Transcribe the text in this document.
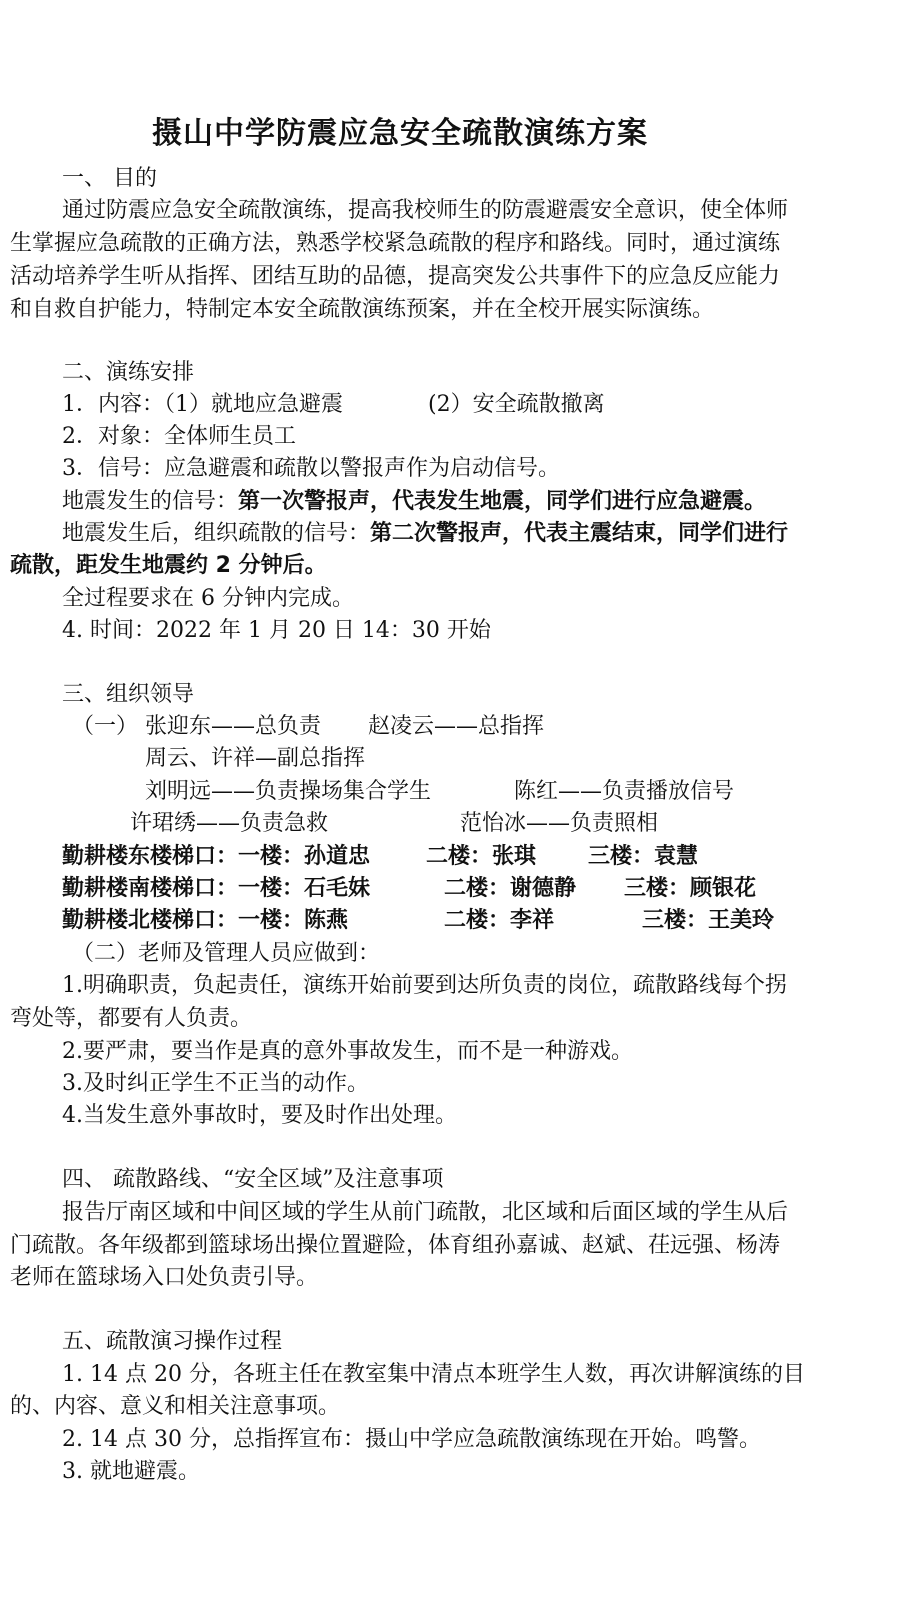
摄山中学防震应急安全疏散演练方案
一、 目的
通过防震应急安全疏散演练，提高我校师生的防震避震安全意识，使全体师
生掌握应急疏散的正确方法，熟悉学校紧急疏散的程序和路线。同时，通过演练
活动培养学生听从指挥、团结互助的品德，提高突发公共事件下的应急反应能力
和自救自护能力，特制定本安全疏散演练预案，并在全校开展实际演练。
二、演练安排
1．内容：（1）就地应急避震	(2）安全疏散撤离
2．对象：全体师生员工
3．信号：应急避震和疏散以警报声作为启动信号。
地震发生的信号：第一次警报声，代表发生地震，同学们进行应急避震。
地震发生后，组织疏散的信号：第二次警报声，代表主震结束，同学们进行
疏散，距发生地震约 2 分钟后。
全过程要求在 6 分钟内完成。
4. 时间：2022 年 1 月 20 日 14：30 开始
三、组织领导
（一） 张迎东——总负责 赵凌云——总指挥
周云、许祥—副总指挥
刘明远——负责操场集合学生	陈红——负责播放信号
许珺绣——负责急救	范怡冰——负责照相
勤耕楼东楼梯口：一楼：孙道忠	二楼：张琪 三楼：袁慧
勤耕楼南楼梯口：一楼：石毛妹	二楼：谢德静 三楼：顾银花
勤耕楼北楼梯口：一楼：陈燕	二楼：李祥	三楼：王美玲
（二）老师及管理人员应做到：
1.明确职责，负起责任，演练开始前要到达所负责的岗位，疏散路线每个拐
弯处等，都要有人负责。
2.要严肃，要当作是真的意外事故发生，而不是一种游戏。
3.及时纠正学生不正当的动作。
4.当发生意外事故时，要及时作出处理。
四、 疏散路线、“安全区域”及注意事项
报告厅南区域和中间区域的学生从前门疏散，北区域和后面区域的学生从后
门疏散。各年级都到篮球场出操位置避险，体育组孙嘉诚、赵斌、茌远强、杨涛
老师在篮球场入口处负责引导。
五、疏散演习操作过程
1. 14 点 20 分，各班主任在教室集中清点本班学生人数，再次讲解演练的目
的、内容、意义和相关注意事项。
2. 14 点 30 分，总指挥宣布：摄山中学应急疏散演练现在开始。鸣警。
3. 就地避震。
